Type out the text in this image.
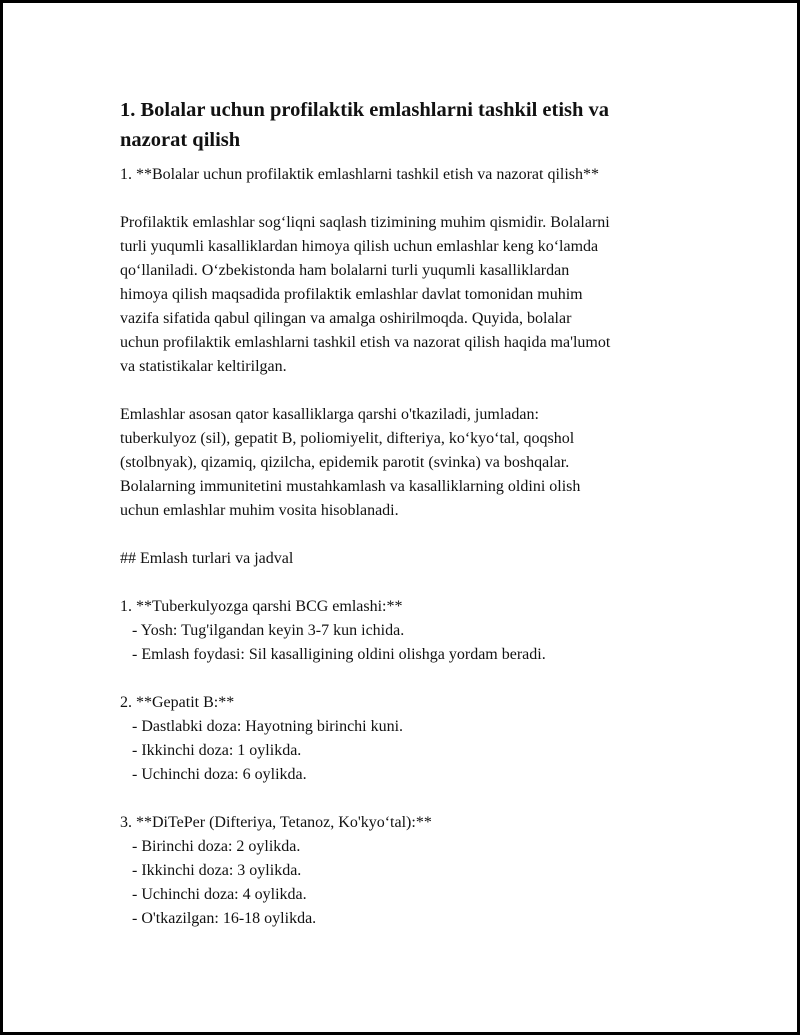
1. Bolalar uchun profilaktik emlashlarni tashkil etish va
nazorat qilish

1. **Bolalar uchun profilaktik emlashlarni tashkil etish va nazorat qilish**

Profilaktik emlashlar sog‘liqni saqlash tizimining muhim qismidir. Bolalarni
turli yuqumli kasalliklardan himoya qilish uchun emlashlar keng ko‘lamda
qo‘llaniladi. O‘zbekistonda ham bolalarni turli yuqumli kasalliklardan
himoya qilish maqsadida profilaktik emlashlar davlat tomonidan muhim
vazifa sifatida qabul qilingan va amalga oshirilmoqda. Quyida, bolalar
uchun profilaktik emlashlarni tashkil etish va nazorat qilish haqida ma'lumot
va statistikalar keltirilgan.
Emlashlar asosan qator kasalliklarga qarshi o'tkaziladi, jumladan:
tuberkulyoz (sil), gepatit B, poliomiyelit, difteriya, ko‘kyo‘tal, qoqshol
(stolbnyak), qizamiq, qizilcha, epidemik parotit (svinka) va boshqalar.
Bolalarning immunitetini mustahkamlash va kasalliklarning oldini olish
uchun emlashlar muhim vosita hisoblanadi.

## Emlash turlari va jadval

1. **Tuberkulyozga qarshi BCG emlashi:**
- Yosh: Tug'ilgandan keyin 3-7 kun ichida.
- Emlash foydasi: Sil kasalligining oldini olishga yordam beradi.
2. **Gepatit B:**
- Dastlabki doza: Hayotning birinchi kuni.
- Ikkinchi doza: 1 oylikda.
- Uchinchi doza: 6 oylikda.
3. **DiTePer (Difteriya, Tetanoz, Ko'kyo‘tal):**
- Birinchi doza: 2 oylikda.
- Ikkinchi doza: 3 oylikda.
- Uchinchi doza: 4 oylikda.
- O'tkazilgan: 16-18 oylikda.
